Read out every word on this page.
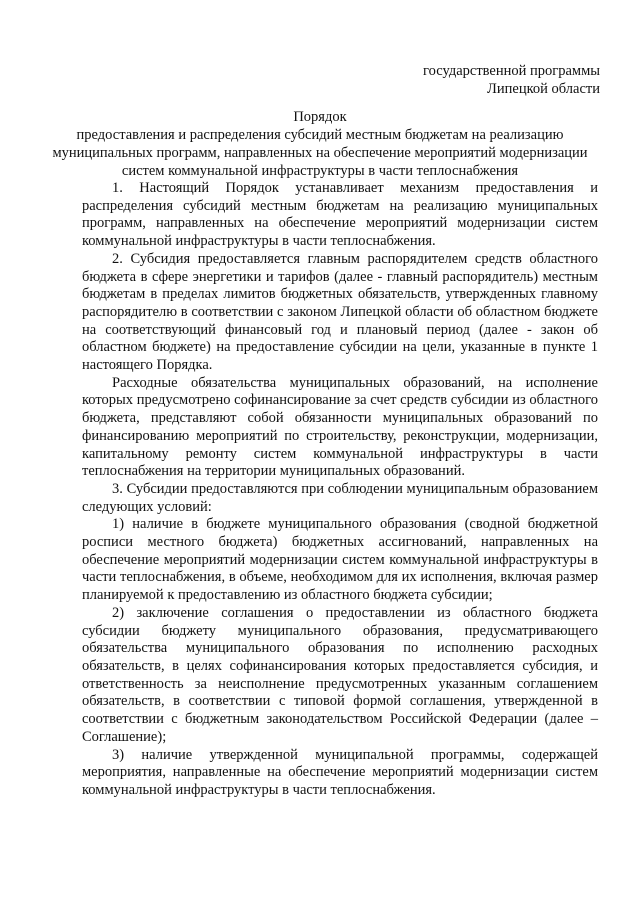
государственной программы
Липецкой области
Порядок
предоставления и распределения субсидий местным бюджетам на реализацию муниципальных программ, направленных на обеспечение мероприятий модернизации систем коммунальной инфраструктуры в части теплоснабжения

1. Настоящий Порядок устанавливает механизм предоставления и распределения субсидий местным бюджетам на реализацию муниципальных программ, направленных на обеспечение мероприятий модернизации систем коммунальной инфраструктуры в части теплоснабжения.

2. Субсидия предоставляется главным распорядителем средств областного бюджета в сфере энергетики и тарифов (далее - главный распорядитель) местным бюджетам в пределах лимитов бюджетных обязательств, утвержденных главному распорядителю в соответствии с законом Липецкой области об областном бюджете на соответствующий финансовый год и плановый период (далее - закон об областном бюджете) на предоставление субсидии на цели, указанные в пункте 1 настоящего Порядка.

Расходные обязательства муниципальных образований, на исполнение которых предусмотрено софинансирование за счет средств субсидии из областного бюджета, представляют собой обязанности муниципальных образований по финансированию мероприятий по строительству, реконструкции, модернизации, капитальному ремонту систем коммунальной инфраструктуры в части теплоснабжения на территории муниципальных образований.

3. Субсидии предоставляются при соблюдении муниципальным образованием следующих условий:

1) наличие в бюджете муниципального образования (сводной бюджетной росписи местного бюджета) бюджетных ассигнований, направленных на обеспечение мероприятий модернизации систем коммунальной инфраструктуры в части теплоснабжения, в объеме, необходимом для их исполнения, включая размер планируемой к предоставлению из областного бюджета субсидии;

2) заключение соглашения о предоставлении из областного бюджета субсидии бюджету муниципального образования, предусматривающего обязательства муниципального образования по исполнению расходных обязательств, в целях софинансирования которых предоставляется субсидия, и ответственность за неисполнение предусмотренных указанным соглашением обязательств, в соответствии с типовой формой соглашения, утвержденной в соответствии с бюджетным законодательством Российской Федерации (далее – Соглашение);

3) наличие утвержденной муниципальной программы, содержащей мероприятия, направленные на обеспечение мероприятий модернизации систем коммунальной инфраструктуры в части теплоснабжения.
